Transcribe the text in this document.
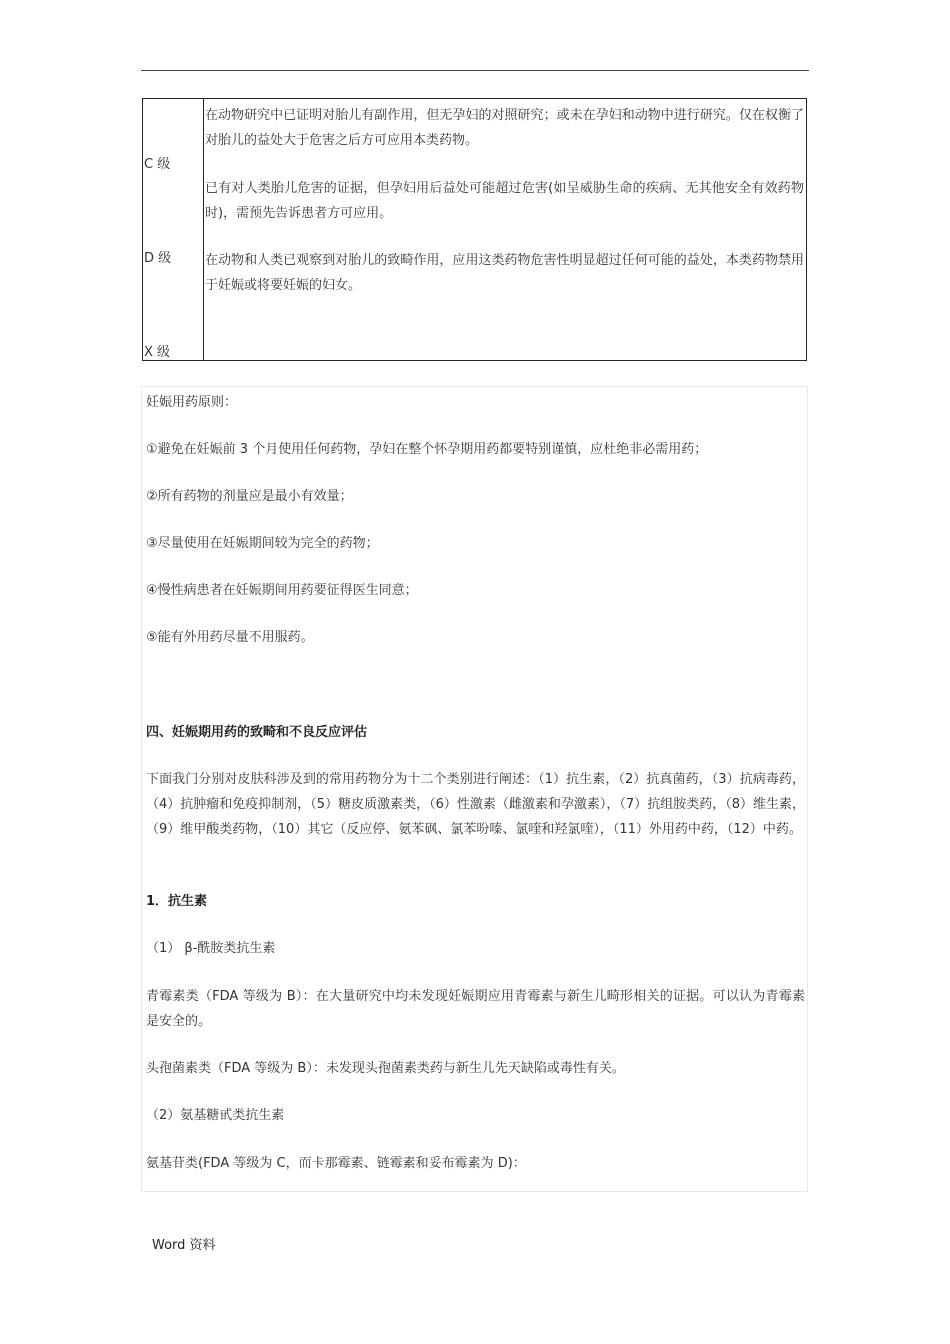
在动物研究中已证明对胎儿有副作用，但无孕妇的对照研究；或未在孕妇和动物中进行研究。仅在权衡了对胎儿的益处大于危害之后方可应用本类药物。
C 级
已有对人类胎儿危害的证据，但孕妇用后益处可能超过危害(如呈威胁生命的疾病、无其他安全有效药物时)，需预先告诉患者方可应用。
D 级	在动物和人类已观察到对胎儿的致畸作用，应用这类药物危害性明显超过任何可能的益处，本类药物禁用于妊娠或将要妊娠的妇女。
X 级
妊娠用药原则：
①避免在妊娠前 3 个月使用任何药物，孕妇在整个怀孕期用药都要特别谨慎，应杜绝非必需用药；
②所有药物的剂量应是最小有效量；
③尽量使用在妊娠期间较为完全的药物；
④慢性病患者在妊娠期间用药要征得医生同意；
⑤能有外用药尽量不用服药。
四、妊娠期用药的致畸和不良反应评估
下面我门分别对皮肤科涉及到的常用药物分为十二个类别进行阐述：（1）抗生素，（2）抗真菌药，（3）抗病毒药，（4）抗肿瘤和免疫抑制剂，（5）糖皮质激素类，（6）性激素（雌激素和孕激素），（7）抗组胺类药，（8）维生素，（9）维甲酸类药物，（10）其它（反应停、氨苯砜、氯苯吩嗪、氯喹和羟氯喹），（11）外用药中药，（12）中药。
1．抗生素
（1） β-酰胺类抗生素
青霉素类（FDA 等级为 B）：在大量研究中均未发现妊娠期应用青霉素与新生儿畸形相关的证据。可以认为青霉素是安全的。
头孢菌素类（FDA 等级为 B）：未发现头孢菌素类药与新生儿先天缺陷或毒性有关。
（2）氨基糖甙类抗生素
氨基苷类(FDA 等级为 C，而卡那霉素、链霉素和妥布霉素为 D)：
Word 资料
